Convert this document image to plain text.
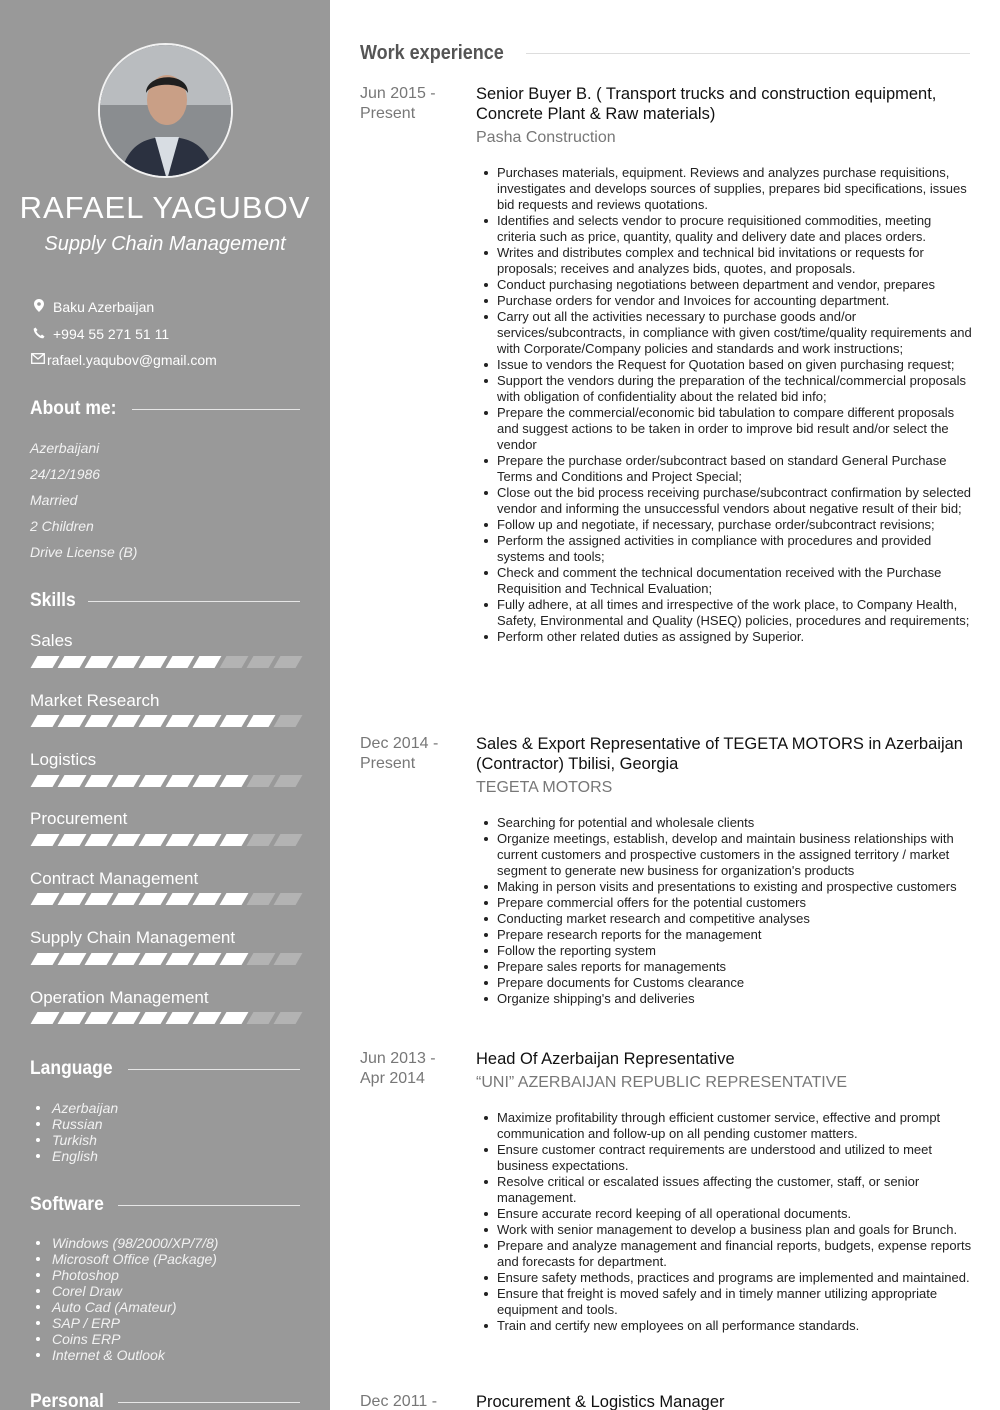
RAFAEL YAGUBOV
Supply Chain Management
Baku Azerbaijan
+994 55 271 51 11
rafael.yaqubov@gmail.com
About me:
Azerbaijani
24/12/1986
Married
2 Children
Drive License (B)
Skills
Sales
Market Research
Logistics
Procurement
Contract Management
Supply Chain Management
Operation Management
Language
Azerbaijan
Russian
Turkish
English
Software
Windows (98/2000/XP/7/8)
Microsoft Office (Package)
Photoshop
Corel Draw
Auto Cad (Amateur)
SAP / ERP
Coins ERP
Internet & Outlook
Personal
Work experience
Jun 2015 -
Present
Senior Buyer B. ( Transport trucks and construction equipment, Concrete Plant & Raw materials)
Pasha Construction
Purchases materials, equipment. Reviews and analyzes purchase requisitions, investigates and develops sources of supplies, prepares bid specifications, issues bid requests and reviews quotations.
Identifies and selects vendor to procure requisitioned commodities, meeting criteria such as price, quantity, quality and delivery date and places orders.
Writes and distributes complex and technical bid invitations or requests for proposals; receives and analyzes bids, quotes, and proposals.
Conduct purchasing negotiations between department and vendor, prepares
Purchase orders for vendor and Invoices for accounting department.
Carry out all the activities necessary to purchase goods and/or services/subcontracts, in compliance with given cost/time/quality requirements and with Corporate/Company policies and standards and work instructions;
Issue to vendors the Request for Quotation based on given purchasing request;
Support the vendors during the preparation of the technical/commercial proposals with obligation of confidentiality about the related bid info;
Prepare the commercial/economic bid tabulation to compare different proposals and suggest actions to be taken in order to improve bid result and/or select the vendor
Prepare the purchase order/subcontract based on standard General Purchase Terms and Conditions and Project Special;
Close out the bid process receiving purchase/subcontract confirmation by selected vendor and informing the unsuccessful vendors about negative result of their bid;
Follow up and negotiate, if necessary, purchase order/subcontract revisions;
Perform the assigned activities in compliance with procedures and provided systems and tools;
Check and comment the technical documentation received with the Purchase Requisition and Technical Evaluation;
Fully adhere, at all times and irrespective of the work place, to Company Health, Safety, Environmental and Quality (HSEQ) policies, procedures and requirements;
Perform other related duties as assigned by Superior.
Dec 2014 -
Present
Sales & Export Representative of TEGETA MOTORS in Azerbaijan (Contractor) Tbilisi, Georgia
TEGETA MOTORS
Searching for potential and wholesale clients
Organize meetings, establish, develop and maintain business relationships with current customers and prospective customers in the assigned territory / market segment to generate new business for organization's products
Making in person visits and presentations to existing and prospective customers
Prepare commercial offers for the potential customers
Conducting market research and competitive analyses
Prepare research reports for the management
Follow the reporting system
Prepare sales reports for managements
Prepare documents for Customs clearance
Organize shipping's and deliveries
Jun 2013 -
Apr 2014
Head Of Azerbaijan Representative
“UNI” AZERBAIJAN REPUBLIC REPRESENTATIVE
Maximize profitability through efficient customer service, effective and prompt communication and follow-up on all pending customer matters.
Ensure customer contract requirements are understood and utilized to meet business expectations.
Resolve critical or escalated issues affecting the customer, staff, or senior management.
Ensure accurate record keeping of all operational documents.
Work with senior management to develop a business plan and goals for Brunch.
Prepare and analyze management and financial reports, budgets, expense reports and forecasts for department.
Ensure safety methods, practices and programs are implemented and maintained.
Ensure that freight is moved safely and in timely manner utilizing appropriate equipment and tools.
Train and certify new employees on all performance standards.
Dec 2011 -	Procurement & Logistics Manager
